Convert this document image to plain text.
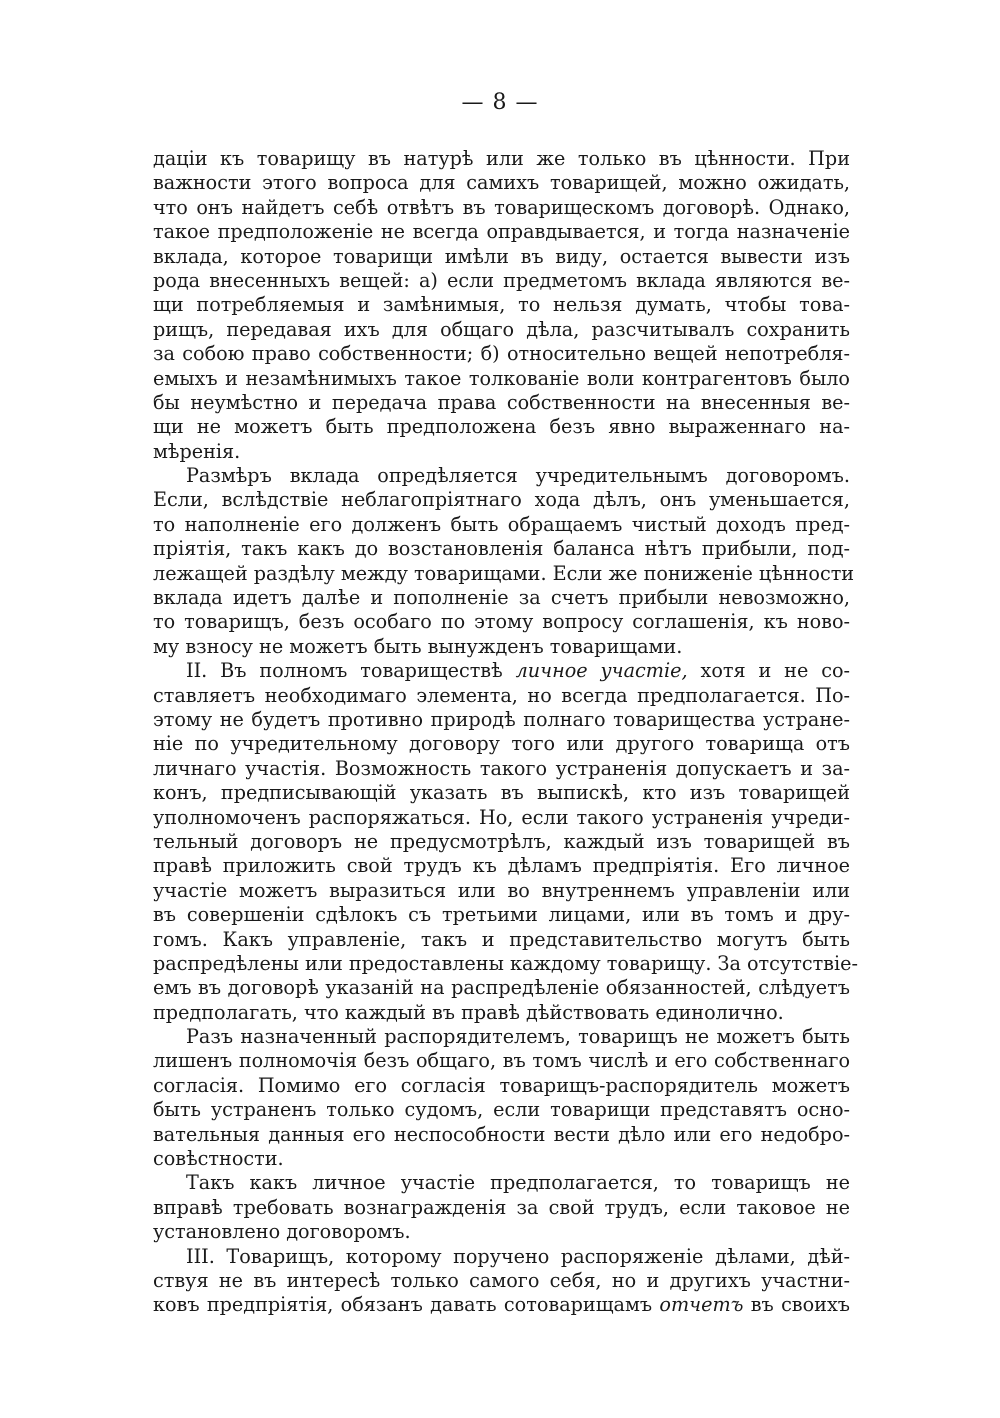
— 8 —
даціи къ товарищу въ натурѣ или же только въ цѣнности. При
важности этого вопроса для самихъ товарищей, можно ожидать,
что онъ найдетъ себѣ отвѣтъ въ товарищескомъ договорѣ. Однако,
такое предположеніе не всегда оправдывается, и тогда назначеніе
вклада, которое товарищи имѣли въ виду, остается вывести изъ
рода внесенныхъ вещей: а) если предметомъ вклада являются ве-
щи потребляемыя и замѣнимыя, то нельзя думать, чтобы това-
рищъ, передавая ихъ для общаго дѣла, разсчитывалъ сохранить
за собою право собственности; б) относительно вещей непотребля-
емыхъ и незамѣнимыхъ такое толкованіе воли контрагентовъ было
бы неумѣстно и передача права собственности на внесенныя ве-
щи не можетъ быть предположена безъ явно выраженнаго на-
мѣренія.
Размѣръ вклада опредѣляется учредительнымъ договоромъ.
Если, вслѣдствіе неблагопріятнаго хода дѣлъ, онъ уменьшается,
то наполненіе его долженъ быть обращаемъ чистый доходъ пред-
пріятія, такъ какъ до возстановленія баланса нѣтъ прибыли, под-
лежащей раздѣлу между товарищами. Если же пониженіе цѣнности
вклада идетъ далѣе и пополненіе за счетъ прибыли невозможно,
то товарищъ, безъ особаго по этому вопросу соглашенія, къ ново-
му взносу не можетъ быть вынужденъ товарищами.
II. Въ полномъ товариществѣ личное участіе, хотя и не со-
ставляетъ необходимаго элемента, но всегда предполагается. По-
этому не будетъ противно природѣ полнаго товарищества устране-
ніе по учредительному договору того или другого товарища отъ
личнаго участія. Возможность такого устраненія допускаетъ и за-
конъ, предписывающій указать въ выпискѣ, кто изъ товарищей
уполномоченъ распоряжаться. Но, если такого устраненія учреди-
тельный договоръ не предусмотрѣлъ, каждый изъ товарищей въ
правѣ приложить свой трудъ къ дѣламъ предпріятія. Его личное
участіе можетъ выразиться или во внутреннемъ управленіи или
въ совершеніи сдѣлокъ съ третьими лицами, или въ томъ и дру-
гомъ. Какъ управленіе, такъ и представительство могутъ быть
распредѣлены или предоставлены каждому товарищу. За отсутствіе-
емъ въ договорѣ указаній на распредѣленіе обязанностей, слѣдуетъ
предполагать, что каждый въ правѣ дѣйствовать единолично.
Разъ назначенный распорядителемъ, товарищъ не можетъ быть
лишенъ полномочія безъ общаго, въ томъ числѣ и его собственнаго
согласія. Помимо его согласія товарищъ-распорядитель можетъ
быть устраненъ только судомъ, если товарищи представятъ осно-
вательныя данныя его неспособности вести дѣло или его недобро-
совѣстности.
Такъ какъ личное участіе предполагается, то товарищъ не
вправѣ требовать вознагражденія за свой трудъ, если таковое не
установлено договоромъ.
III. Товарищъ, которому поручено распоряженіе дѣлами, дѣй-
ствуя не въ интересѣ только самого себя, но и другихъ участни-
ковъ предпріятія, обязанъ давать сотоварищамъ отчетъ въ своихъ
